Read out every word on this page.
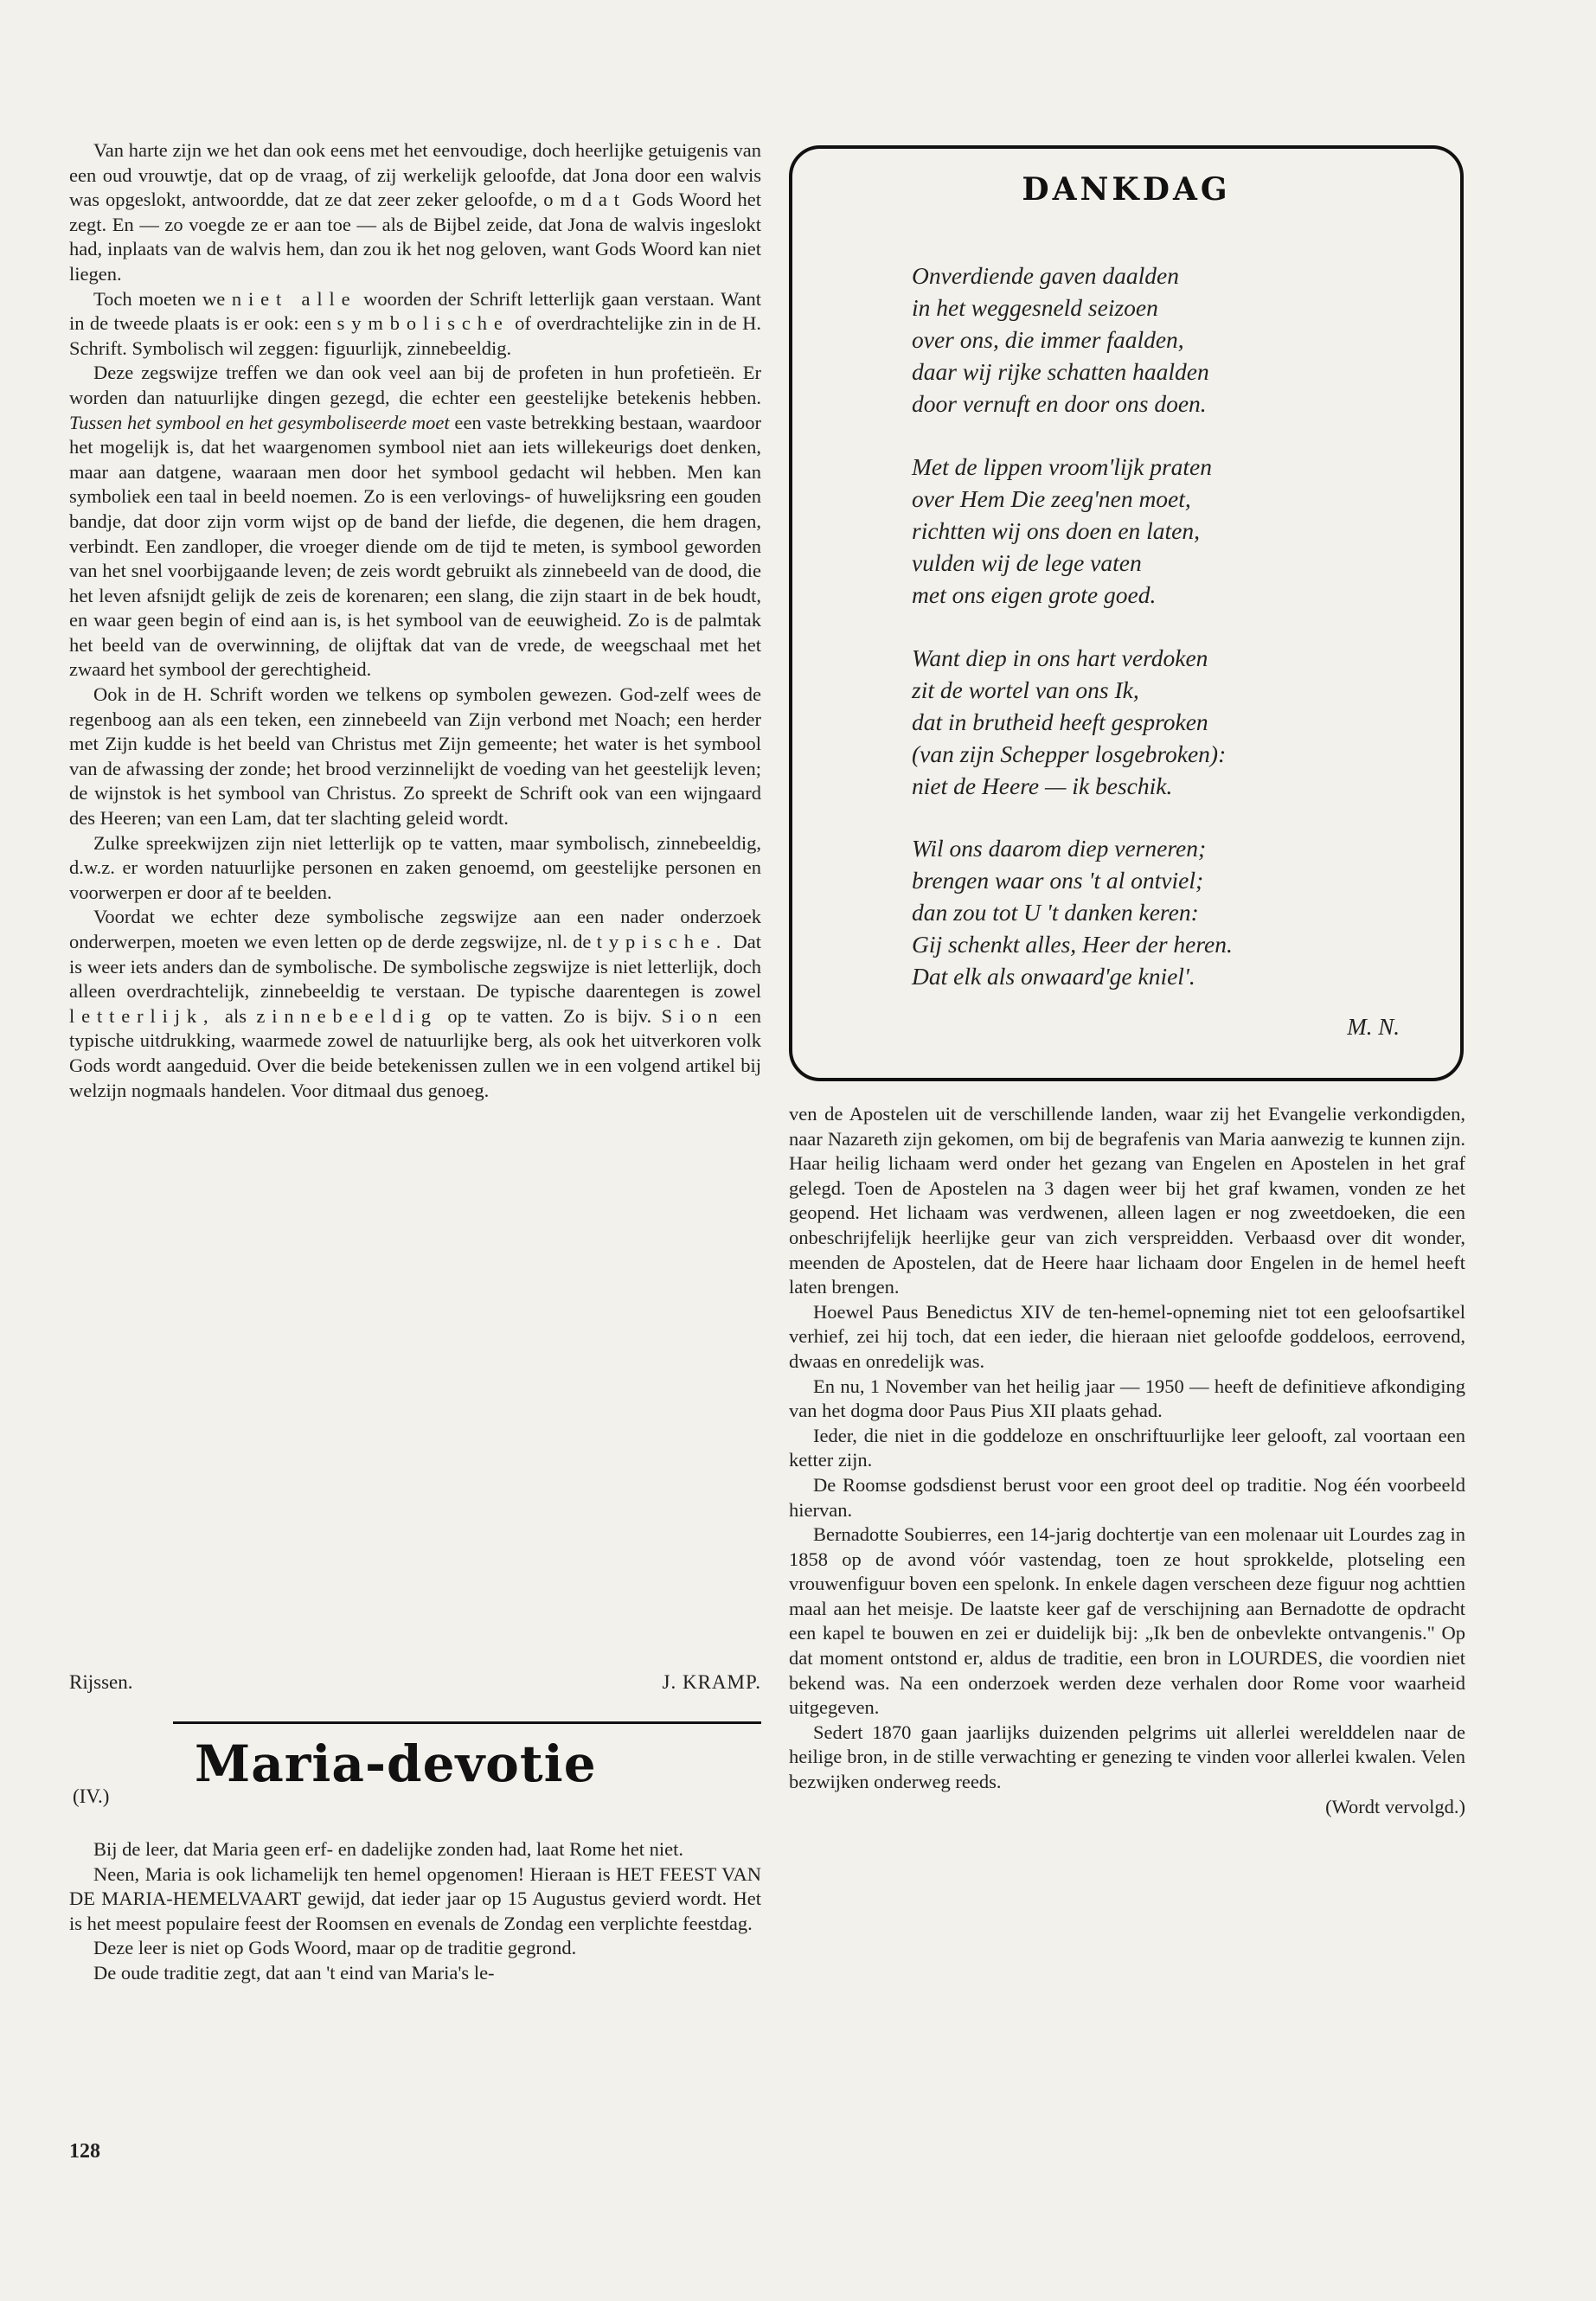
Van harte zijn we het dan ook eens met het eenvoudige, doch heerlijke getuigenis van een oud vrouwtje, dat op de vraag, of zij werkelijk geloofde, dat Jona door een walvis was opgeslokt, antwoordde, dat ze dat zeer zeker geloofde, omdat Gods Woord het zegt. En — zo voegde ze er aan toe — als de Bijbel zeide, dat Jona de walvis ingeslokt had, inplaats van de walvis hem, dan zou ik het nog geloven, want Gods Woord kan niet liegen.

Toch moeten we niet alle woorden der Schrift letterlijk gaan verstaan. Want in de tweede plaats is er ook: een symbolische of overdrachtelijke zin in de H. Schrift. Symbolisch wil zeggen: figuurlijk, zinnebeeldig.

Deze zegswijze treffen we dan ook veel aan bij de profeten in hun profetieën. Er worden dan natuurlijke dingen gezegd, die echter een geestelijke betekenis hebben. Tussen het symbool en het gesymboliseerde moet een vaste betrekking bestaan, waardoor het mogelijk is, dat het waargenomen symbool niet aan iets willekeurigs doet denken, maar aan datgene, waaraan men door het symbool gedacht wil hebben. Men kan symboliek een taal in beeld noemen. Zo is een verlovings- of huwelijksring een gouden bandje, dat door zijn vorm wijst op de band der liefde, die degenen, die hem dragen, verbindt. Een zandloper, die vroeger diende om de tijd te meten, is symbool geworden van het snel voorbijgaande leven; de zeis wordt gebruikt als zinnebeeld van de dood, die het leven afsnijdt gelijk de zeis de korenaren; een slang, die zijn staart in de bek houdt, en waar geen begin of eind aan is, is het symbool van de eeuwigheid. Zo is de palmtak het beeld van de overwinning, de olijftak dat van de vrede, de weegschaal met het zwaard het symbool der gerechtigheid.

Ook in de H. Schrift worden we telkens op symbolen gewezen. God-zelf wees de regenboog aan als een teken, een zinnebeeld van Zijn verbond met Noach; een herder met Zijn kudde is het beeld van Christus met Zijn gemeente; het water is het symbool van de afwassing der zonde; het brood verzinnelijkt de voeding van het geestelijk leven; de wijnstok is het symbool van Christus. Zo spreekt de Schrift ook van een wijngaard des Heeren; van een Lam, dat ter slachting geleid wordt.

Zulke spreekwijzen zijn niet letterlijk op te vatten, maar symbolisch, zinnebeeldig, d.w.z. er worden natuurlijke personen en zaken genoemd, om geestelijke personen en voorwerpen er door af te beelden.

Voordat we echter deze symbolische zegswijze aan een nader onderzoek onderwerpen, moeten we even letten op de derde zegswijze, nl. de typische. Dat is weer iets anders dan de symbolische. De symbolische zegswijze is niet letterlijk, doch alleen overdrachtelijk, zinnebeeldig te verstaan. De typische daarentegen is zowel letterlijk, als zinnebeeldig op te vatten. Zo is bijv. Sion een typische uitdrukking, waarmede zowel de natuurlijke berg, als ook het uitverkoren volk Gods wordt aangeduid. Over die beide betekenissen zullen we in een volgend artikel bij welzijn nogmaals handelen. Voor ditmaal dus genoeg.

Rijssen.	J. KRAMP.
Maria-devotie
(IV.)

Bij de leer, dat Maria geen erf- en dadelijke zonden had, laat Rome het niet.

Neen, Maria is ook lichamelijk ten hemel opgenomen! Hieraan is HET FEEST VAN DE MARIA-HEMELVAART gewijd, dat ieder jaar op 15 Augustus gevierd wordt. Het is het meest populaire feest der Roomsen en evenals de Zondag een verplichte feestdag.

Deze leer is niet op Gods Woord, maar op de traditie gegrond.

De oude traditie zegt, dat aan 't eind van Maria's le-

128
DANKDAG
Onverdiende gaven daalden
in het weggesneld seizoen
over ons, die immer faalden,
daar wij rijke schatten haalden
door vernuft en door ons doen.
Met de lippen vroom'lijk praten
over Hem Die zeeg'nen moet,
richtten wij ons doen en laten,
vulden wij de lege vaten
met ons eigen grote goed.
Want diep in ons hart verdoken
zit de wortel van ons Ik,
dat in brutheid heeft gesproken
(van zijn Schepper losgebroken):
niet de Heere — ik beschik.
Wil ons daarom diep verneren;
brengen waar ons 't al ontviel;
dan zou tot U 't danken keren:
Gij schenkt alles, Heer der heren.
Dat elk als onwaard'ge kniel'.
M. N.

ven de Apostelen uit de verschillende landen, waar zij het Evangelie verkondigden, naar Nazareth zijn gekomen, om bij de begrafenis van Maria aanwezig te kunnen zijn. Haar heilig lichaam werd onder het gezang van Engelen en Apostelen in het graf gelegd. Toen de Apostelen na 3 dagen weer bij het graf kwamen, vonden ze het geopend. Het lichaam was verdwenen, alleen lagen er nog zweetdoeken, die een onbeschrijfelijk heerlijke geur van zich verspreidden. Verbaasd over dit wonder, meenden de Apostelen, dat de Heere haar lichaam door Engelen in de hemel heeft laten brengen.

Hoewel Paus Benedictus XIV de ten-hemel-opneming niet tot een geloofsartikel verhief, zei hij toch, dat een ieder, die hieraan niet geloofde goddeloos, eerrovend, dwaas en onredelijk was.

En nu, 1 November van het heilig jaar — 1950 — heeft de definitieve afkondiging van het dogma door Paus Pius XII plaats gehad.

Ieder, die niet in die goddeloze en onschriftuurlijke leer gelooft, zal voortaan een ketter zijn.

De Roomse godsdienst berust voor een groot deel op traditie. Nog één voorbeeld hiervan.

Bernadotte Soubierres, een 14-jarig dochtertje van een molenaar uit Lourdes zag in 1858 op de avond vóór vastendag, toen ze hout sprokkelde, plotseling een vrouwenfiguur boven een spelonk. In enkele dagen verscheen deze figuur nog achttien maal aan het meisje. De laatste keer gaf de verschijning aan Bernadotte de opdracht een kapel te bouwen en zei er duidelijk bij: „Ik ben de onbevlekte ontvangenis." Op dat moment ontstond er, aldus de traditie, een bron in LOURDES, die voordien niet bekend was. Na een onderzoek werden deze verhalen door Rome voor waarheid uitgegeven.

Sedert 1870 gaan jaarlijks duizenden pelgrims uit allerlei werelddelen naar de heilige bron, in de stille verwachting er genezing te vinden voor allerlei kwalen. Velen bezwijken onderweg reeds.

(Wordt vervolgd.)
